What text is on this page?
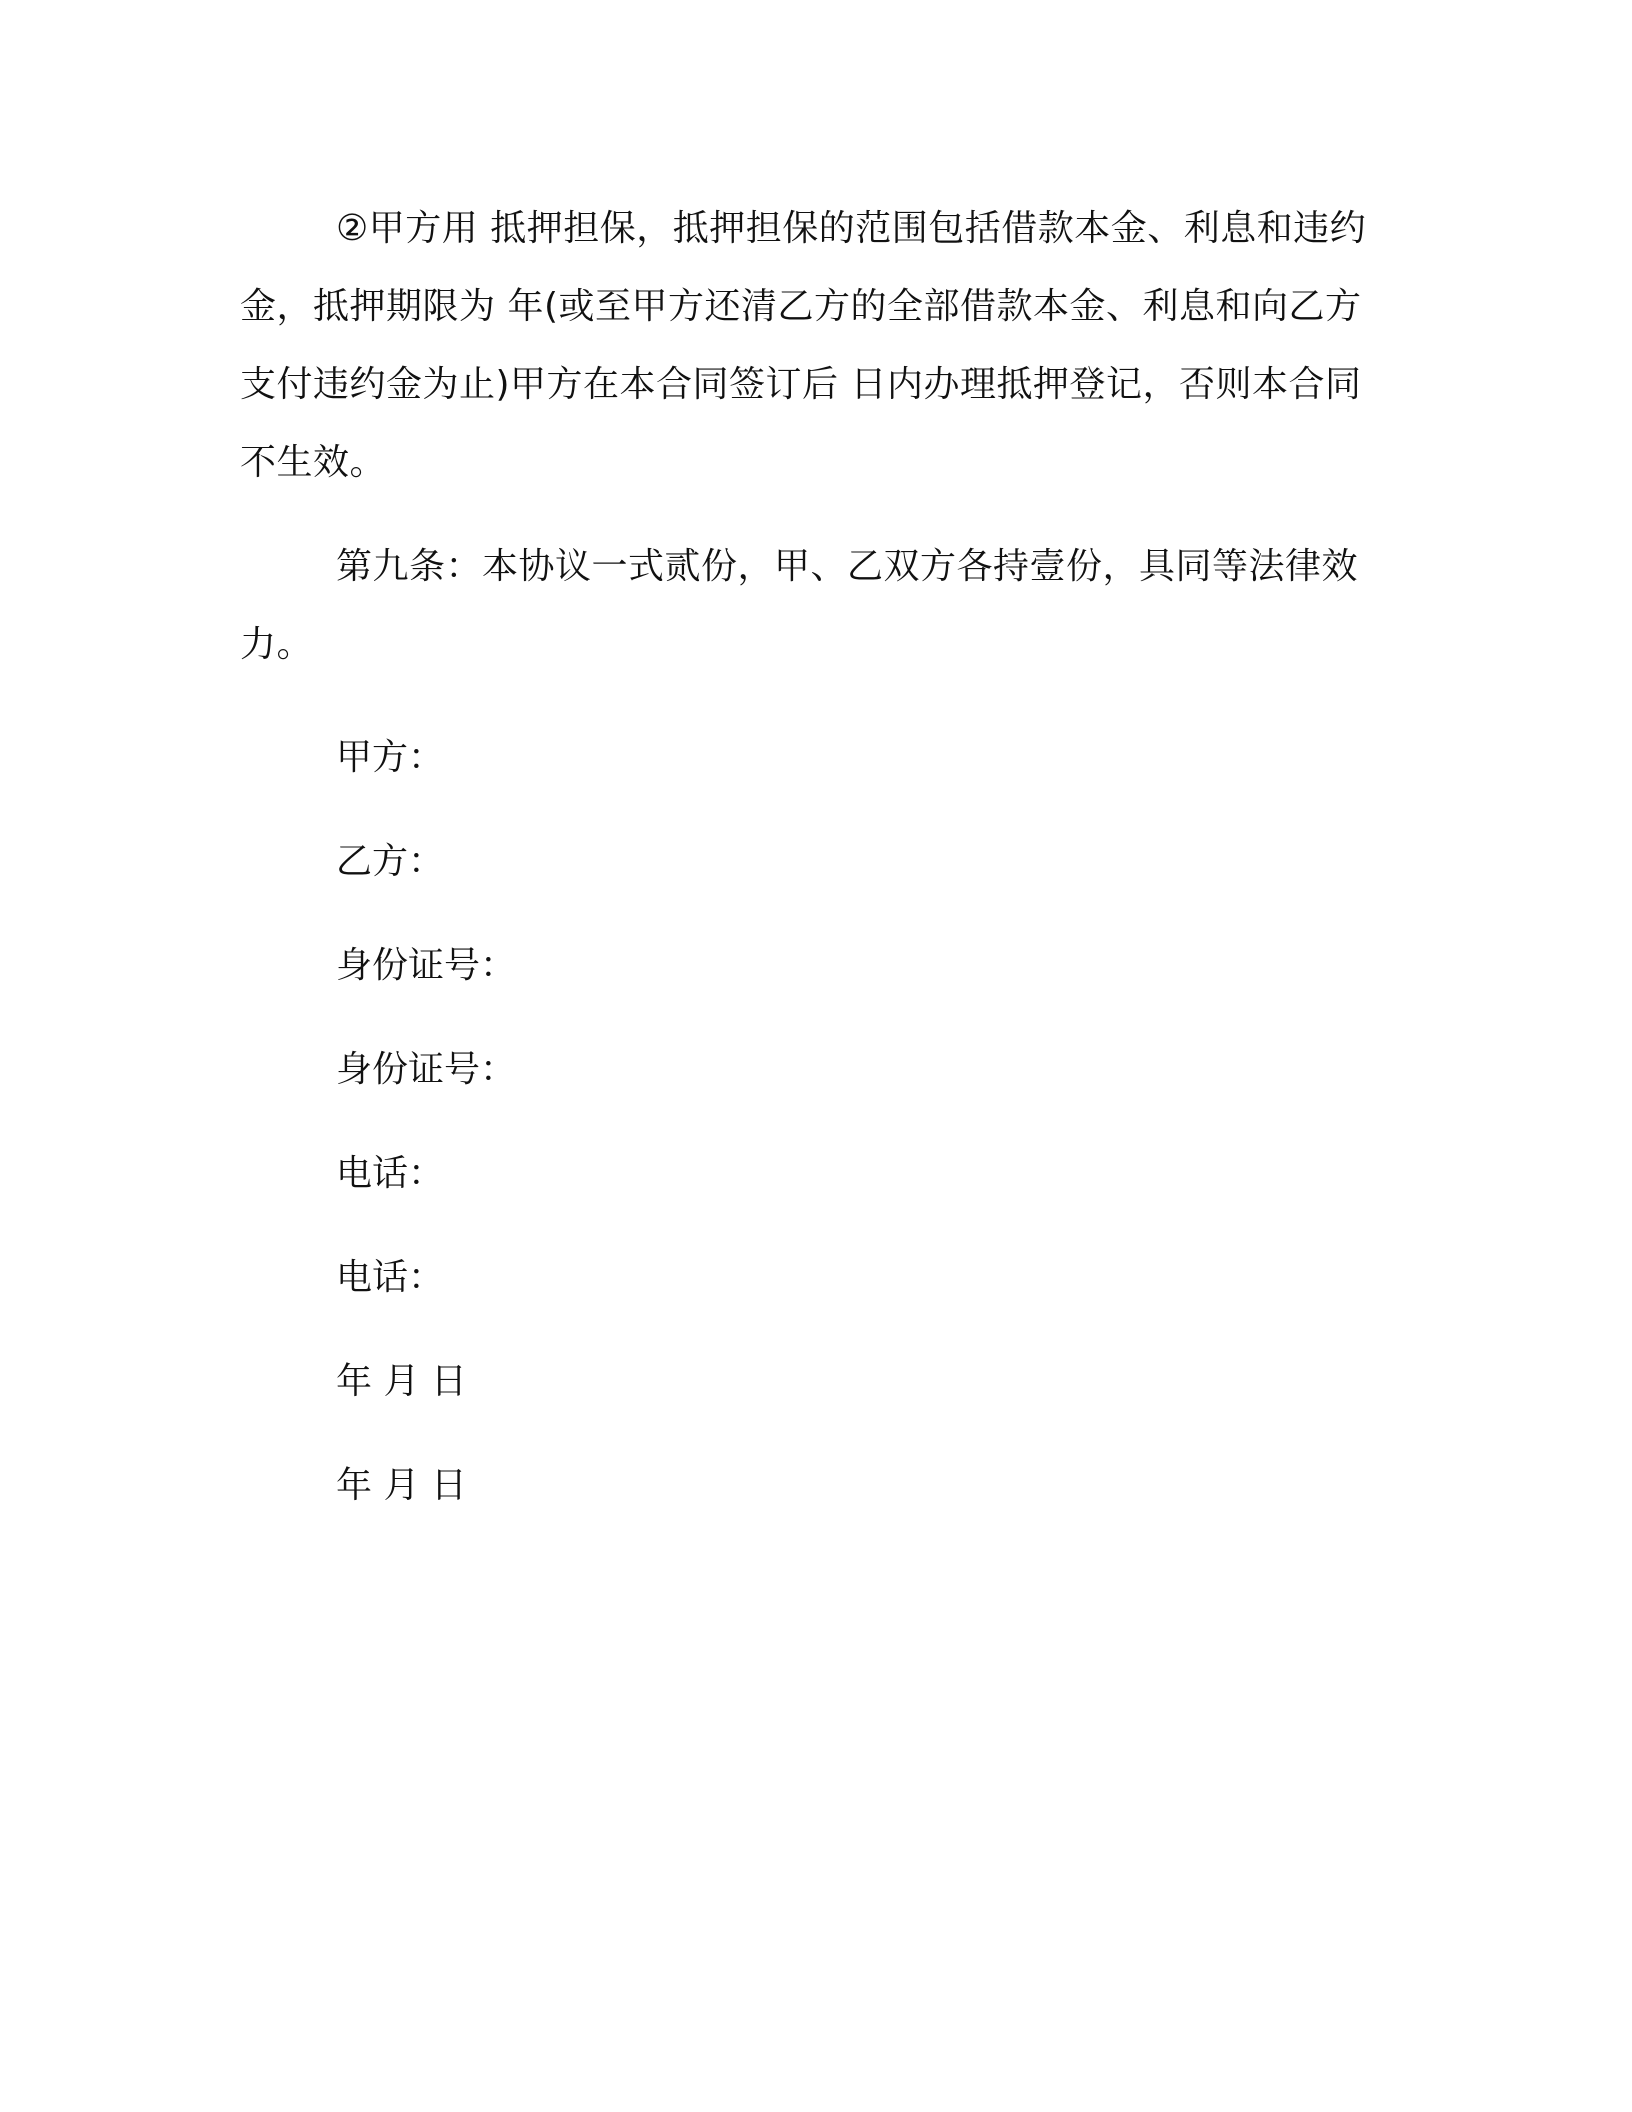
②甲方用 抵押担保，抵押担保的范围包括借款本金、利息和违约金，抵押期限为 年(或至甲方还清乙方的全部借款本金、利息和向乙方支付违约金为止)甲方在本合同签订后 日内办理抵押登记，否则本合同不生效。

第九条：本协议一式贰份，甲、乙双方各持壹份，具同等法律效力。

甲方：

乙方：

身份证号：

身份证号：

电话：

电话：

年 月 日

年 月 日
